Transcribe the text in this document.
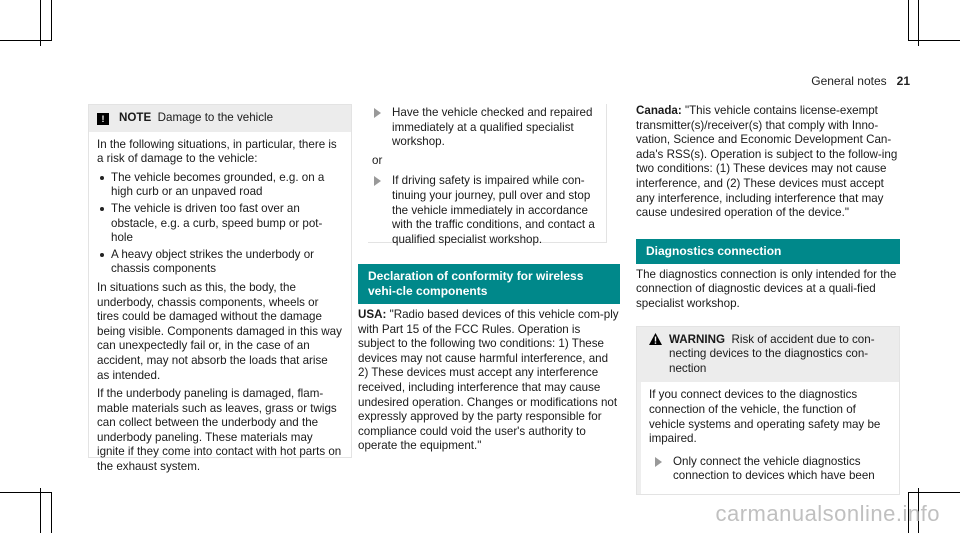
General notes 21
! NOTE Damage to the vehicle

In the following situations, in particular, there is a risk of damage to the vehicle:

The vehicle becomes grounded, e.g. on a high curb or an unpaved road
The vehicle is driven too fast over an obstacle, e.g. a curb, speed bump or pot-hole
A heavy object strikes the underbody or chassis components

In situations such as this, the body, the underbody, chassis components, wheels or tires could be damaged without the damage being visible. Components damaged in this way can unexpectedly fail or, in the case of an accident, may not absorb the loads that arise as intended.

If the underbody paneling is damaged, flam-mable materials such as leaves, grass or twigs can collect between the underbody and the underbody paneling. These materials may ignite if they come into contact with hot parts on the exhaust system.

Have the vehicle checked and repaired immediately at a qualified specialist workshop.
or
If driving safety is impaired while con-tinuing your journey, pull over and stop the vehicle immediately in accordance with the traffic conditions, and contact a qualified specialist workshop.
Declaration of conformity for wireless vehi-cle components

USA: "Radio based devices of this vehicle com-ply with Part 15 of the FCC Rules. Operation is subject to the following two conditions: 1) These devices may not cause harmful interference, and 2) These devices must accept any interference received, including interference that may cause undesired operation. Changes or modifications not expressly approved by the party responsible for compliance could void the user's authority to operate the equipment."

Canada: "This vehicle contains license-exempt transmitter(s)/receiver(s) that comply with Inno-vation, Science and Economic Development Can-ada's RSS(s). Operation is subject to the follow-ing two conditions: (1) These devices may not cause interference, and (2) These devices must accept any interference, including interference that may cause undesired operation of the device."

Diagnostics connection

The diagnostics connection is only intended for the connection of diagnostic devices at a quali-fied specialist workshop.

WARNING Risk of accident due to con-necting devices to the diagnostics con-nection

If you connect devices to the diagnostics connection of the vehicle, the function of vehicle systems and operating safety may be impaired.

Only connect the vehicle diagnostics connection to devices which have been
carmanualsonline.info
